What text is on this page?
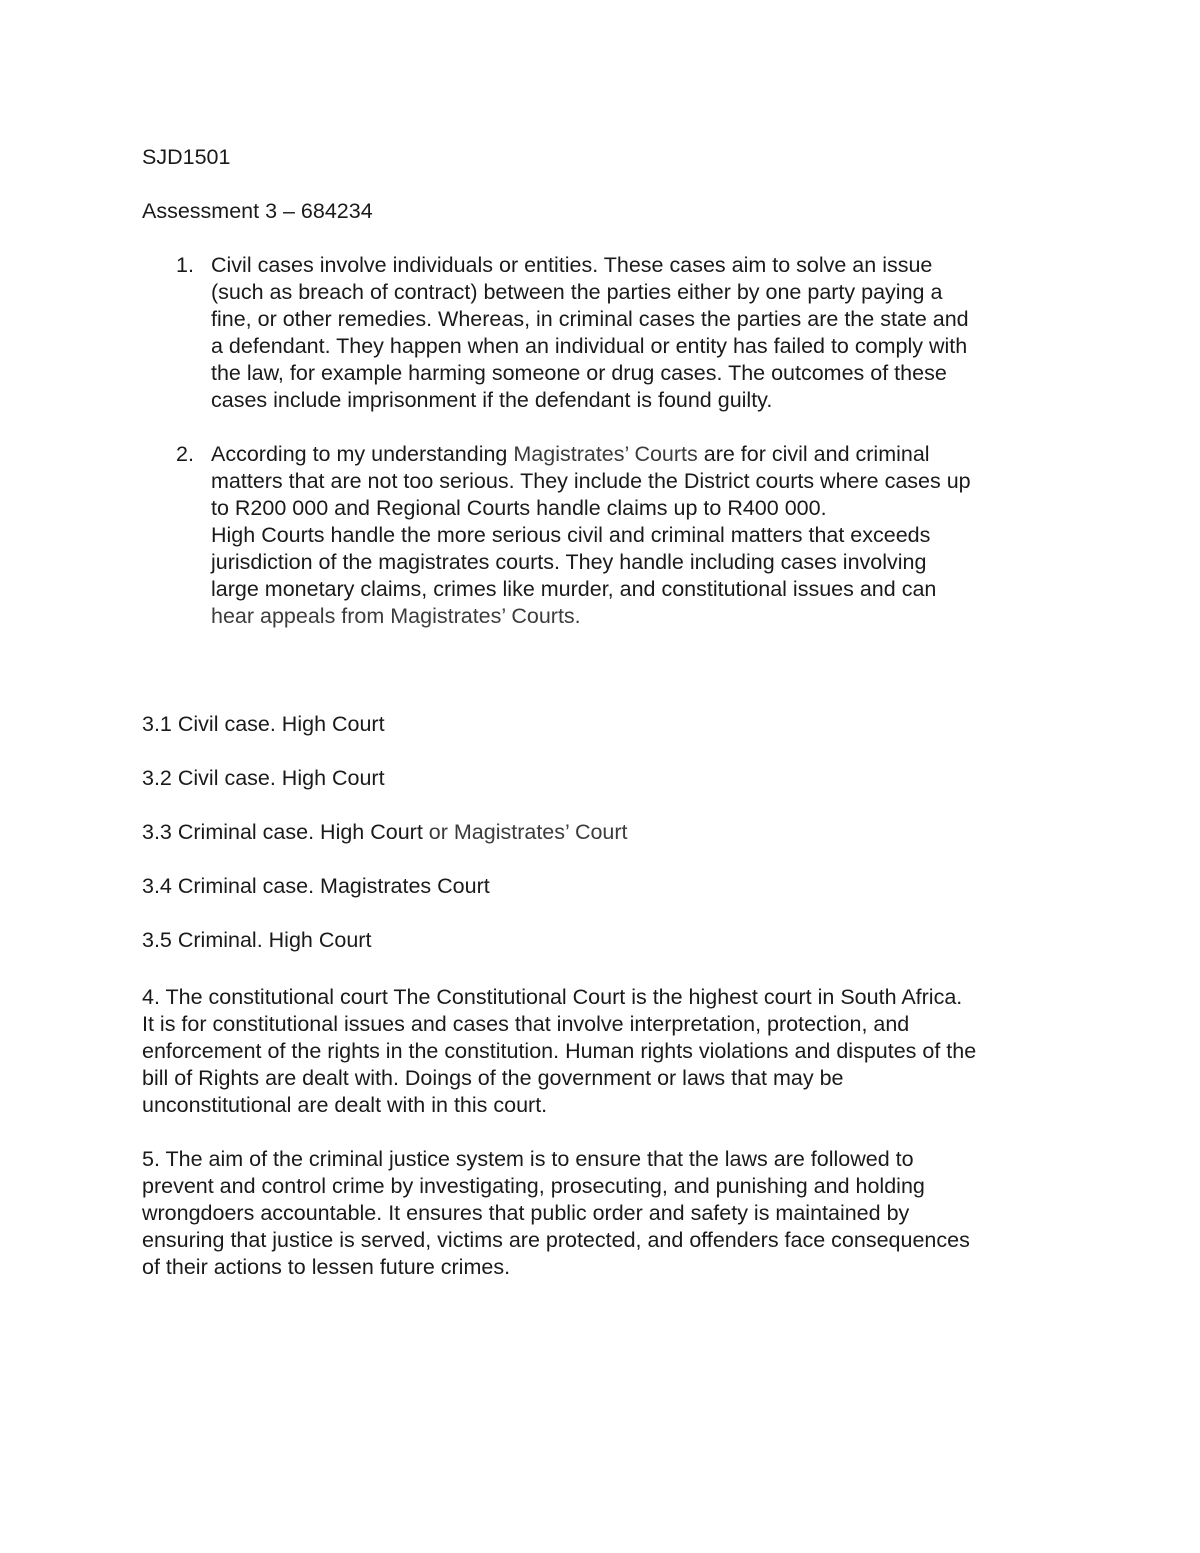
SJD1501

Assessment 3 – 684234

1. Civil cases involve individuals or entities. These cases aim to solve an issue
(such as breach of contract) between the parties either by one party paying a
fine, or other remedies. Whereas, in criminal cases the parties are the state and
a defendant. They happen when an individual or entity has failed to comply with
the law, for example harming someone or drug cases. The outcomes of these
cases include imprisonment if the defendant is found guilty.
2. According to my understanding Magistrates’ Courts are for civil and criminal
matters that are not too serious. They include the District courts where cases up
to R200 000 and Regional Courts handle claims up to R400 000.
High Courts handle the more serious civil and criminal matters that exceeds
jurisdiction of the magistrates courts. They handle including cases involving
large monetary claims, crimes like murder, and constitutional issues and can
hear appeals from Magistrates’ Courts.

3.1 Civil case. High Court

3.2 Civil case. High Court

3.3 Criminal case. High Court or Magistrates’ Court

3.4 Criminal case. Magistrates Court

3.5 Criminal. High Court

4. The constitutional court The Constitutional Court is the highest court in South Africa.
It is for constitutional issues and cases that involve interpretation, protection, and
enforcement of the rights in the constitution. Human rights violations and disputes of the
bill of Rights are dealt with. Doings of the government or laws that may be
unconstitutional are dealt with in this court.

5. The aim of the criminal justice system is to ensure that the laws are followed to
prevent and control crime by investigating, prosecuting, and punishing and holding
wrongdoers accountable. It ensures that public order and safety is maintained by
ensuring that justice is served, victims are protected, and offenders face consequences
of their actions to lessen future crimes.
